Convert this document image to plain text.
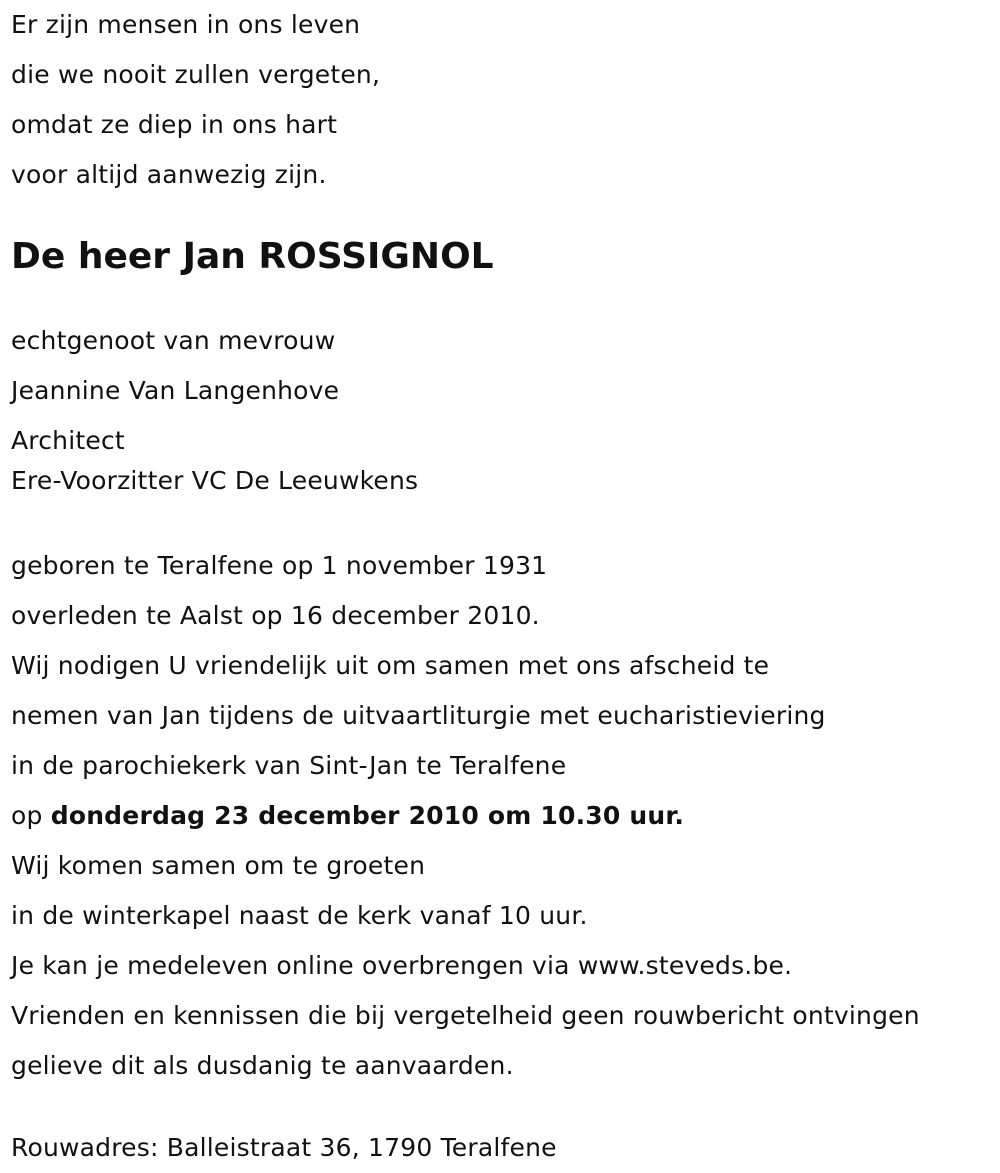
Er zijn mensen in ons leven
die we nooit zullen vergeten,
omdat ze diep in ons hart
voor altijd aanwezig zijn.
De heer Jan ROSSIGNOL
echtgenoot van mevrouw
Jeannine Van Langenhove
Architect
Ere-Voorzitter VC De Leeuwkens
geboren te Teralfene op 1 november 1931
overleden te Aalst op 16 december 2010.
Wij nodigen U vriendelijk uit om samen met ons afscheid te
nemen van Jan tijdens de uitvaartliturgie met eucharistieviering
in de parochiekerk van Sint-Jan te Teralfene
op donderdag 23 december 2010 om 10.30 uur.
Wij komen samen om te groeten
in de winterkapel naast de kerk vanaf 10 uur.
Je kan je medeleven online overbrengen via www.steveds.be.
Vrienden en kennissen die bij vergetelheid geen rouwbericht ontvingen
gelieve dit als dusdanig te aanvaarden.
Rouwadres: Balleistraat 36, 1790 Teralfene
